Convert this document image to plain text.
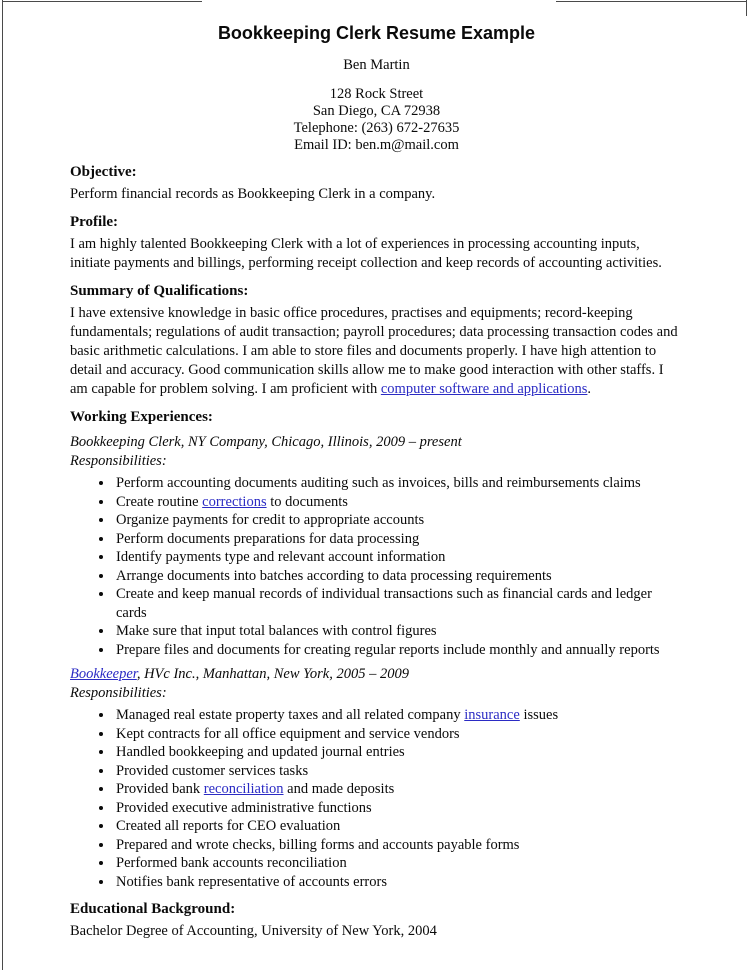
Bookkeeping Clerk Resume Example

Ben Martin

128 Rock Street

San Diego, CA 72938

Telephone: (263) 672-27635

Email ID: ben.m@mail.com

Objective:

Perform financial records as Bookkeeping Clerk in a company.

Profile:

I am highly talented Bookkeeping Clerk with a lot of experiences in processing accounting inputs, initiate payments and billings, performing receipt collection and keep records of accounting activities.

Summary of Qualifications:

I have extensive knowledge in basic office procedures, practises and equipments; record-keeping fundamentals; regulations of audit transaction; payroll procedures; data processing transaction codes and basic arithmetic calculations. I am able to store files and documents properly. I have high attention to detail and accuracy. Good communication skills allow me to make good interaction with other staffs. I am capable for problem solving. I am proficient with computer software and applications.

Working Experiences:

Bookkeeping Clerk, NY Company, Chicago, Illinois, 2009 – present

Responsibilities:

• Perform accounting documents auditing such as invoices, bills and reimbursements claims
• Create routine corrections to documents
• Organize payments for credit to appropriate accounts
• Perform documents preparations for data processing
• Identify payments type and relevant account information
• Arrange documents into batches according to data processing requirements
• Create and keep manual records of individual transactions such as financial cards and ledger cards
• Make sure that input total balances with control figures
• Prepare files and documents for creating regular reports include monthly and annually reports

Bookkeeper, HVc Inc., Manhattan, New York, 2005 – 2009

Responsibilities:

• Managed real estate property taxes and all related company insurance issues
• Kept contracts for all office equipment and service vendors
• Handled bookkeeping and updated journal entries
• Provided customer services tasks
• Provided bank reconciliation and made deposits
• Provided executive administrative functions
• Created all reports for CEO evaluation
• Prepared and wrote checks, billing forms and accounts payable forms
• Performed bank accounts reconciliation
• Notifies bank representative of accounts errors
Educational Background:

Bachelor Degree of Accounting, University of New York, 2004
